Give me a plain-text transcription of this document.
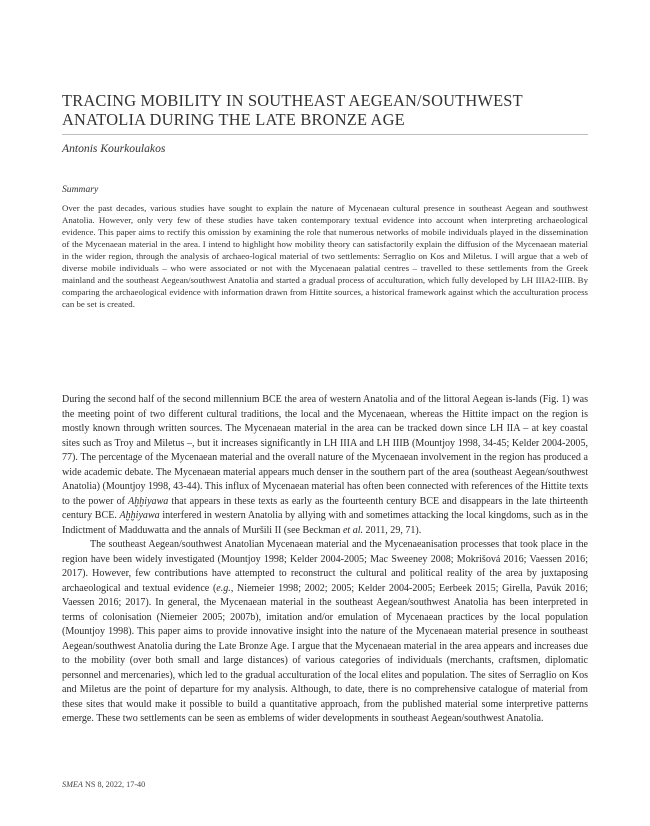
TRACING MOBILITY IN SOUTHEAST AEGEAN/SOUTHWEST ANATOLIA DURING THE LATE BRONZE AGE
Antonis Kourkoulakos
Summary
Over the past decades, various studies have sought to explain the nature of Mycenaean cultural presence in southeast Aegean and southwest Anatolia. However, only very few of these studies have taken contemporary textual evidence into account when interpreting archaeological evidence. This paper aims to rectify this omission by examining the role that numerous networks of mobile individuals played in the dissemination of the Mycenaean material in the area. I intend to highlight how mobility theory can satisfactorily explain the diffusion of the Mycenaean material in the wider region, through the analysis of archaeo-logical material of two settlements: Serraglio on Kos and Miletus. I will argue that a web of diverse mobile individuals – who were associated or not with the Mycenaean palatial centres – travelled to these settlements from the Greek mainland and the southeast Aegean/southwest Anatolia and started a gradual process of acculturation, which fully developed by LH IIIA2-IIIB. By comparing the archaeological evidence with information drawn from Hittite sources, a historical framework against which the acculturation process can be set is created.

During the second half of the second millennium BCE the area of western Anatolia and of the littoral Aegean is-lands (Fig. 1) was the meeting point of two different cultural traditions, the local and the Mycenaean, whereas the Hittite impact on the region is mostly known through written sources. The Mycenaean material in the area can be tracked down since LH IIA – at key coastal sites such as Troy and Miletus –, but it increases significantly in LH IIIA and LH IIIB (Mountjoy 1998, 34-45; Kelder 2004-2005, 77). The percentage of the Mycenaean material and the overall nature of the Mycenaean involvement in the region has produced a wide academic debate. The Mycenaean material appears much denser in the southern part of the area (southeast Aegean/southwest Anatolia) (Mountjoy 1998, 43-44). This influx of Mycenaean material has often been connected with references of the Hittite texts to the power of Aḫḫiyawa that appears in these texts as early as the fourteenth century BCE and disappears in the late thirteenth century BCE. Aḫḫiyawa interfered in western Anatolia by allying with and sometimes attacking the local kingdoms, such as in the Indictment of Madduwatta and the annals of Muršili II (see Beckman et al. 2011, 29, 71).

The southeast Aegean/southwest Anatolian Mycenaean material and the Mycenaeanisation processes that took place in the region have been widely investigated (Mountjoy 1998; Kelder 2004-2005; Mac Sweeney 2008; Mokrišová 2016; Vaessen 2016; 2017). However, few contributions have attempted to reconstruct the cultural and political reality of the area by juxtaposing archaeological and textual evidence (e.g., Niemeier 1998; 2002; 2005; Kelder 2004-2005; Eerbeek 2015; Girella, Pavúk 2016; Vaessen 2016; 2017). In general, the Mycenaean material in the southeast Aegean/southwest Anatolia has been interpreted in terms of colonisation (Niemeier 2005; 2007b), imitation and/or emulation of Mycenaean practices by the local population (Mountjoy 1998). This paper aims to provide innovative insight into the nature of the Mycenaean material presence in southeast Aegean/southwest Anatolia during the Late Bronze Age. I argue that the Mycenaean material in the area appears and increases due to the mobility (over both small and large distances) of various categories of individuals (merchants, craftsmen, diplomatic personnel and mercenaries), which led to the gradual acculturation of the local elites and population. The sites of Serraglio on Kos and Miletus are the point of departure for my analysis. Although, to date, there is no comprehensive catalogue of material from these sites that would make it possible to build a quantitative approach, from the published material some interpretive patterns emerge. These two settlements can be seen as emblems of wider developments in southeast Aegean/southwest Anatolia.

SMEA NS 8, 2022, 17-40
